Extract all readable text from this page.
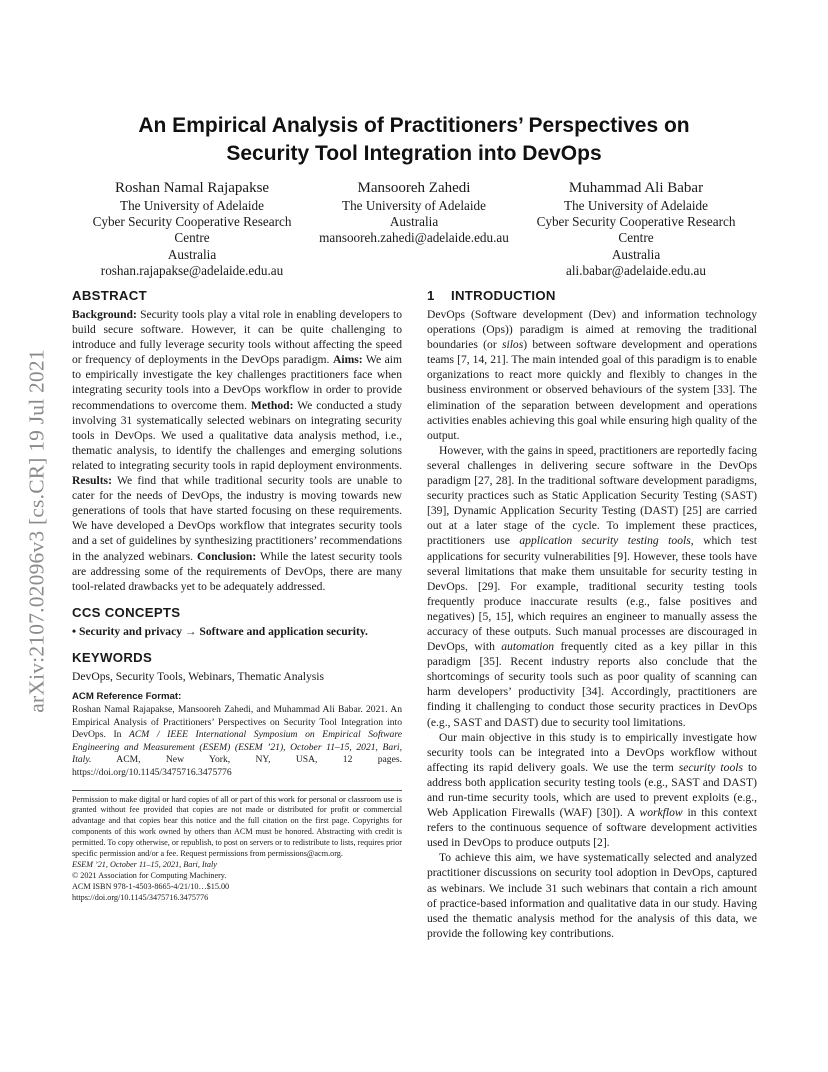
arXiv:2107.02096v3 [cs.CR] 19 Jul 2021
An Empirical Analysis of Practitioners’ Perspectives on
Security Tool Integration into DevOps
Roshan Namal Rajapakse
The University of Adelaide
Cyber Security Cooperative Research
Centre
Australia
roshan.rajapakse@adelaide.edu.au
Mansooreh Zahedi
The University of Adelaide
Australia
mansooreh.zahedi@adelaide.edu.au
Muhammad Ali Babar
The University of Adelaide
Cyber Security Cooperative Research
Centre
Australia
ali.babar@adelaide.edu.au
ABSTRACT

Background: Security tools play a vital role in enabling developers to build secure software. However, it can be quite challenging to introduce and fully leverage security tools without affecting the speed or frequency of deployments in the DevOps paradigm. Aims: We aim to empirically investigate the key challenges practitioners face when integrating security tools into a DevOps workflow in order to provide recommendations to overcome them. Method: We conducted a study involving 31 systematically selected webinars on integrating security tools in DevOps. We used a qualitative data analysis method, i.e., thematic analysis, to identify the challenges and emerging solutions related to integrating security tools in rapid deployment environments. Results: We find that while traditional security tools are unable to cater for the needs of DevOps, the industry is moving towards new generations of tools that have started focusing on these requirements. We have developed a DevOps workflow that integrates security tools and a set of guidelines by synthesizing practitioners’ recommendations in the analyzed webinars. Conclusion: While the latest security tools are addressing some of the requirements of DevOps, there are many tool-related drawbacks yet to be adequately addressed.

CCS CONCEPTS

• Security and privacy → Software and application security.

KEYWORDS

DevOps, Security Tools, Webinars, Thematic Analysis

ACM Reference Format:

Roshan Namal Rajapakse, Mansooreh Zahedi, and Muhammad Ali Babar. 2021. An Empirical Analysis of Practitioners’ Perspectives on Security Tool Integration into DevOps. In ACM / IEEE International Symposium on Empirical Software Engineering and Measurement (ESEM) (ESEM ’21), October 11–15, 2021, Bari, Italy. ACM, New York, NY, USA, 12 pages. https://doi.org/10.1145/3475716.3475776

Permission to make digital or hard copies of all or part of this work for personal or classroom use is granted without fee provided that copies are not made or distributed for profit or commercial advantage and that copies bear this notice and the full citation on the first page. Copyrights for components of this work owned by others than ACM must be honored. Abstracting with credit is permitted. To copy otherwise, or republish, to post on servers or to redistribute to lists, requires prior specific permission and/or a fee. Request permissions from permissions@acm.org.

ESEM ’21, October 11–15, 2021, Bari, Italy

© 2021 Association for Computing Machinery.

ACM ISBN 978-1-4503-8665-4/21/10…$15.00

https://doi.org/10.1145/3475716.3475776

1 INTRODUCTION

DevOps (Software development (Dev) and information technology operations (Ops)) paradigm is aimed at removing the traditional boundaries (or silos) between software development and operations teams [7, 14, 21]. The main intended goal of this paradigm is to enable organizations to react more quickly and flexibly to changes in the business environment or observed behaviours of the system [33]. The elimination of the separation between development and operations activities enables achieving this goal while ensuring high quality of the output.

However, with the gains in speed, practitioners are reportedly facing several challenges in delivering secure software in the DevOps paradigm [27, 28]. In the traditional software development paradigms, security practices such as Static Application Security Testing (SAST) [39], Dynamic Application Security Testing (DAST) [25] are carried out at a later stage of the cycle. To implement these practices, practitioners use application security testing tools, which test applications for security vulnerabilities [9]. However, these tools have several limitations that make them unsuitable for security testing in DevOps. [29]. For example, traditional security testing tools frequently produce inaccurate results (e.g., false positives and negatives) [5, 15], which requires an engineer to manually assess the accuracy of these outputs. Such manual processes are discouraged in DevOps, with automation frequently cited as a key pillar in this paradigm [35]. Recent industry reports also conclude that the shortcomings of security tools such as poor quality of scanning can harm developers’ productivity [34]. Accordingly, practitioners are finding it challenging to conduct those security practices in DevOps (e.g., SAST and DAST) due to security tool limitations.

Our main objective in this study is to empirically investigate how security tools can be integrated into a DevOps workflow without affecting its rapid delivery goals. We use the term security tools to address both application security testing tools (e.g., SAST and DAST) and run-time security tools, which are used to prevent exploits (e.g., Web Application Firewalls (WAF) [30]). A workflow in this context refers to the continuous sequence of software development activities used in DevOps to produce outputs [2].

To achieve this aim, we have systematically selected and analyzed practitioner discussions on security tool adoption in DevOps, captured as webinars. We include 31 such webinars that contain a rich amount of practice-based information and qualitative data in our study. Having used the thematic analysis method for the analysis of this data, we provide the following key contributions.
